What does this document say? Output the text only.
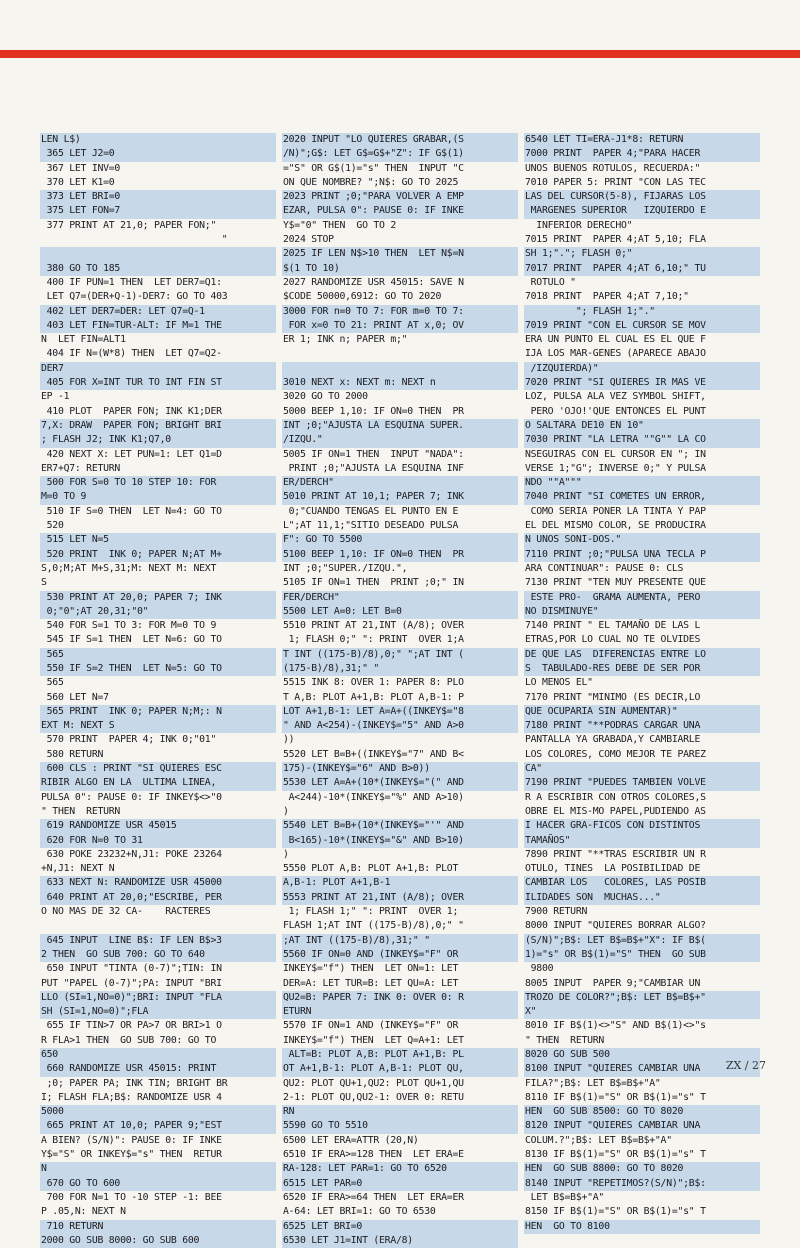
LEN L$)
365 LET J2=0
367 LET INV=0
370 LET K1=0
373 LET BRI=0
375 LET FON=7
377 PRINT AT 21,0; PAPER FON;"
"
380 GO TO 185
400 IF PUN=1 THEN  LET DER7=Q1:
LET Q7=(DER+Q-1)-DER7: GO TO 403
402 LET DER7=DER: LET Q7=Q-1
403 LET FIN=TUR-ALT: IF M=1 THE
N  LET FIN=ALT1
404 IF N=(W*8) THEN  LET Q7=Q2-
DER7
405 FOR X=INT TUR TO INT FIN ST
EP -1
410 PLOT  PAPER FON; INK K1;DER
7,X: DRAW  PAPER FON; BRIGHT BRI
; FLASH J2; INK K1;Q7,0
420 NEXT X: LET PUN=1: LET Q1=D
ER7+Q7: RETURN
500 FOR S=0 TO 10 STEP 10: FOR
M=0 TO 9
510 IF S=0 THEN  LET N=4: GO TO
520
515 LET N=5
520 PRINT  INK 0; PAPER N;AT M+
S,0;M;AT M+S,31;M: NEXT M: NEXT
S
530 PRINT AT 20,0; PAPER 7; INK
0;"0";AT 20,31;"0"
540 FOR S=1 TO 3: FOR M=0 TO 9
545 IF S=1 THEN  LET N=6: GO TO
565
550 IF S=2 THEN  LET N=5: GO TO
565
560 LET N=7
565 PRINT  INK 0; PAPER N;M;: N
EXT M: NEXT S
570 PRINT  PAPER 4; INK 0;"01"
580 RETURN
600 CLS : PRINT "SI QUIERES ESC
RIBIR ALGO EN LA  ULTIMA LINEA,
PULSA 0": PAUSE 0: IF INKEY$<>"0
" THEN  RETURN
619 RANDOMIZE USR 45015
620 FOR N=0 TO 31
630 POKE 23232+N,J1: POKE 23264
+N,J1: NEXT N
633 NEXT N: RANDOMIZE USR 45000
640 PRINT AT 20,0;"ESCRIBE, PER
O NO MAS DE 32 CA-    RACTERES
645 INPUT  LINE B$: IF LEN B$>3
2 THEN  GO SUB 700: GO TO 640
650 INPUT "TINTA (0-7)";TIN: IN
PUT "PAPEL (0-7)";PA: INPUT "BRI
LLO (SI=1,NO=0)";BRI: INPUT "FLA
SH (SI=1,NO=0)";FLA
655 IF TIN>7 OR PA>7 OR BRI>1 O
R FLA>1 THEN  GO SUB 700: GO TO
650
660 RANDOMIZE USR 45015: PRINT
;0; PAPER PA; INK TIN; BRIGHT BR
I; FLASH FLA;B$: RANDOMIZE USR 4
5000
665 PRINT AT 10,0; PAPER 9;"EST
A BIEN? (S/N)": PAUSE 0: IF INKE
Y$="S" OR INKEY$="s" THEN  RETUR
N
670 GO TO 600
700 FOR N=1 TO -10 STEP -1: BEE
P .05,N: NEXT N
710 RETURN
2000 GO SUB 8000: GO SUB 600
2020 INPUT "LO QUIERES GRABAR,(S
/N)";G$: LET G$=G$+"Z": IF G$(1)
="S" OR G$(1)="s" THEN  INPUT "C
ON QUE NOMBRE? ";N$: GO TO 2025
2023 PRINT ;0;"PARA VOLVER A EMP
EZAR, PULSA 0": PAUSE 0: IF INKE
Y$="0" THEN  GO TO 2
2024 STOP
2025 IF LEN N$>10 THEN  LET N$=N
$(1 TO 10)
2027 RANDOMIZE USR 45015: SAVE N
$CODE 50000,6912: GO TO 2020
3000 FOR n=0 TO 7: FOR m=0 TO 7:
FOR x=0 TO 21: PRINT AT x,0; OV
ER 1; INK n; PAPER m;"
3010 NEXT x: NEXT m: NEXT n
3020 GO TO 2000
5000 BEEP 1,10: IF ON=0 THEN  PR
INT ;0;"AJUSTA LA ESQUINA SUPER.
/IZQU."
5005 IF ON=1 THEN  INPUT "NADA":
PRINT ;0;"AJUSTA LA ESQUINA INF
ER/DERCH"
5010 PRINT AT 10,1; PAPER 7; INK
0;"CUANDO TENGAS EL PUNTO EN E
L";AT 11,1;"SITIO DESEADO PULSA
F": GO TO 5500
5100 BEEP 1,10: IF ON=0 THEN  PR
INT ;0;"SUPER./IZQU.",
5105 IF ON=1 THEN  PRINT ;0;" IN
FER/DERCH"
5500 LET A=0: LET B=0
5510 PRINT AT 21,INT (A/8); OVER
1; FLASH 0;" ": PRINT  OVER 1;A
T INT ((175-B)/8),0;" ";AT INT (
(175-B)/8),31;" "
5515 INK 8: OVER 1: PAPER 8: PLO
T A,B: PLOT A+1,B: PLOT A,B-1: P
LOT A+1,B-1: LET A=A+((INKEY$="8
" AND A<254)-(INKEY$="5" AND A>0
))
5520 LET B=B+((INKEY$="7" AND B<
175)-(INKEY$="6" AND B>0))
5530 LET A=A+(10*(INKEY$="(" AND
A<244)-10*(INKEY$="%" AND A>10)
)
5540 LET B=B+(10*(INKEY$="'" AND
B<165)-10*(INKEY$="&" AND B>10)
)
5550 PLOT A,B: PLOT A+1,B: PLOT
A,B-1: PLOT A+1,B-1
5553 PRINT AT 21,INT (A/8); OVER
1; FLASH 1;" ": PRINT  OVER 1;
FLASH 1;AT INT ((175-B)/8),0;" "
;AT INT ((175-B)/8),31;" "
5560 IF ON=0 AND (INKEY$="F" OR
INKEY$="f") THEN  LET ON=1: LET
DER=A: LET TUR=B: LET QU=A: LET
QU2=B: PAPER 7: INK 0: OVER 0: R
ETURN
5570 IF ON=1 AND (INKEY$="F" OR
INKEY$="f") THEN  LET Q=A+1: LET
ALT=B: PLOT A,B: PLOT A+1,B: PL
OT A+1,B-1: PLOT A,B-1: PLOT QU,
QU2: PLOT QU+1,QU2: PLOT QU+1,QU
2-1: PLOT QU,QU2-1: OVER 0: RETU
RN
5590 GO TO 5510
6500 LET ERA=ATTR (20,N)
6510 IF ERA>=128 THEN  LET ERA=E
RA-128: LET PAR=1: GO TO 6520
6515 LET PAR=0
6520 IF ERA>=64 THEN  LET ERA=ER
A-64: LET BRI=1: GO TO 6530
6525 LET BRI=0
6530 LET J1=INT (ERA/8)
6540 LET TI=ERA-J1*8: RETURN
7000 PRINT  PAPER 4;"PARA HACER
UNOS BUENOS ROTULOS, RECUERDA:"
7010 PAPER 5: PRINT "CON LAS TEC
LAS DEL CURSOR(5-8), FIJARAS LOS
MARGENES SUPERIOR   IZQUIERDO E
INFERIOR DERECHO"
7015 PRINT  PAPER 4;AT 5,10; FLA
SH 1;"."; FLASH 0;"
7017 PRINT  PAPER 4;AT 6,10;" TU
ROTULO "
7018 PRINT  PAPER 4;AT 7,10;"
"; FLASH 1;"."
7019 PRINT "CON EL CURSOR SE MOV
ERA UN PUNTO EL CUAL ES EL QUE F
IJA LOS MAR-GENES (APARECE ABAJO
/IZQUIERDA)"
7020 PRINT "SI QUIERES IR MAS VE
LOZ, PULSA ALA VEZ SYMBOL SHIFT,
PERO 'OJO!'QUE ENTONCES EL PUNT
O SALTARA DE10 EN 10"
7030 PRINT "LA LETRA ""G"" LA CO
NSEGUIRAS CON EL CURSOR EN "; IN
VERSE 1;"G"; INVERSE 0;" Y PULSA
NDO ""A"""
7040 PRINT "SI COMETES UN ERROR,
COMO SERIA PONER LA TINTA Y PAP
EL DEL MISMO COLOR, SE PRODUCIRA
N UNOS SONI-DOS."
7110 PRINT ;0;"PULSA UNA TECLA P
ARA CONTINUAR": PAUSE 0: CLS
7130 PRINT "TEN MUY PRESENTE QUE
ESTE PRO-  GRAMA AUMENTA, PERO
NO DISMINUYE"
7140 PRINT " EL TAMAÑO DE LAS L
ETRAS,POR LO CUAL NO TE OLVIDES
DE QUE LAS  DIFERENCIAS ENTRE LO
S  TABULADO-RES DEBE DE SER POR
LO MENOS EL"
7170 PRINT "MINIMO (ES DECIR,LO
QUE OCUPARIA SIN AUMENTAR)"
7180 PRINT "**PODRAS CARGAR UNA
PANTALLA YA GRABADA,Y CAMBIARLE
LOS COLORES, COMO MEJOR TE PAREZ
CA"
7190 PRINT "PUEDES TAMBIEN VOLVE
R A ESCRIBIR CON OTROS COLORES,S
OBRE EL MIS-MO PAPEL,PUDIENDO AS
I HACER GRA-FICOS CON DISTINTOS
TAMAÑOS"
7890 PRINT "**TRAS ESCRIBIR UN R
OTULO, TINES  LA POSIBILIDAD DE
CAMBIAR LOS   COLORES, LAS POSIB
ILIDADES SON  MUCHAS..."
7900 RETURN
8000 INPUT "QUIERES BORRAR ALGO?
(S/N)";B$: LET B$=B$+"X": IF B$(
1)="s" OR B$(1)="S" THEN  GO SUB
9800
8005 INPUT  PAPER 9;"CAMBIAR UN
TROZO DE COLOR?";B$: LET B$=B$+"
X"
8010 IF B$(1)<>"S" AND B$(1)<>"s
" THEN  RETURN
8020 GO SUB 500
8100 INPUT "QUIERES CAMBIAR UNA
FILA?";B$: LET B$=B$+"A"
8110 IF B$(1)="S" OR B$(1)="s" T
HEN  GO SUB 8500: GO TO 8020
8120 INPUT "QUIERES CAMBIAR UNA
COLUM.?";B$: LET B$=B$+"A"
8130 IF B$(1)="S" OR B$(1)="s" T
HEN  GO SUB 8800: GO TO 8020
8140 INPUT "REPETIMOS?(S/N)";B$:
LET B$=B$+"A"
8150 IF B$(1)="S" OR B$(1)="s" T
HEN  GO TO 8100
ZX / 27
